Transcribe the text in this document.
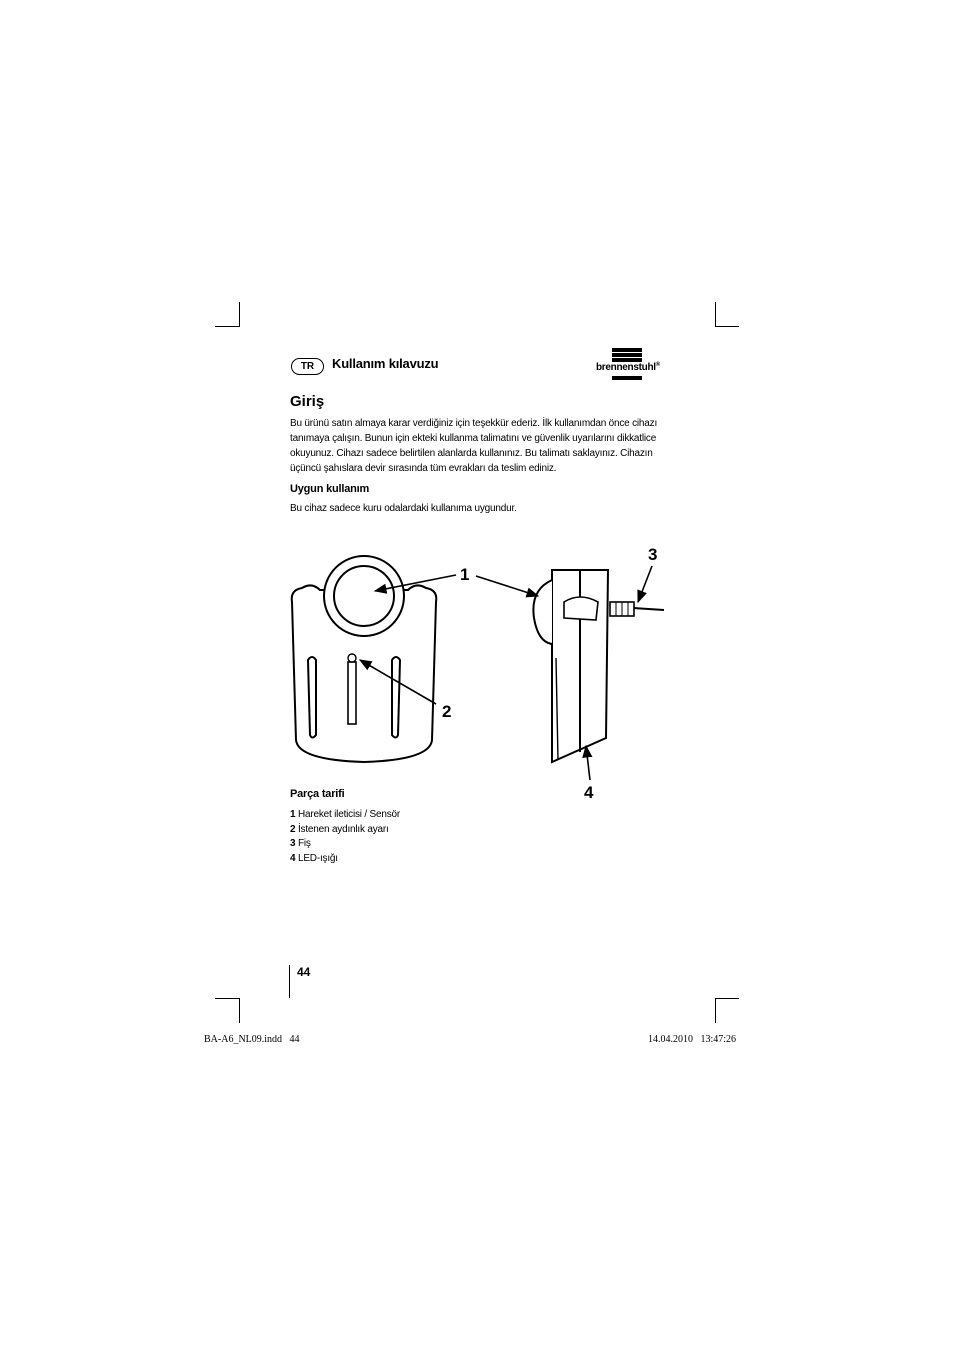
TR	Kullanım kılavuzu	brennenstuhl®
Giriş
Bu ürünü satın almaya karar verdiğiniz için teşekkür ederiz. İlk kullanımdan önce cihazı
tanımaya çalışın. Bunun için ekteki kullanma talimatını ve güvenlik uyarılarını dikkatlice
okuyunuz. Cihazı sadece belirtilen alanlarda kullanınız. Bu talimatı saklayınız. Cihazın
üçüncü şahıslara devir sırasında tüm evrakları da teslim ediniz.
Uygun kullanım
Bu cihaz sadece kuru odalardaki kullanıma uygundur.
1
2
3
4
Parça tarifi
1 Hareket ileticisi / Sensör
2 İstenen aydınlık ayarı
3 Fiş
4 LED-ışığı
44
BA-A6_NL09.indd   44	14.04.2010   13:47:26
